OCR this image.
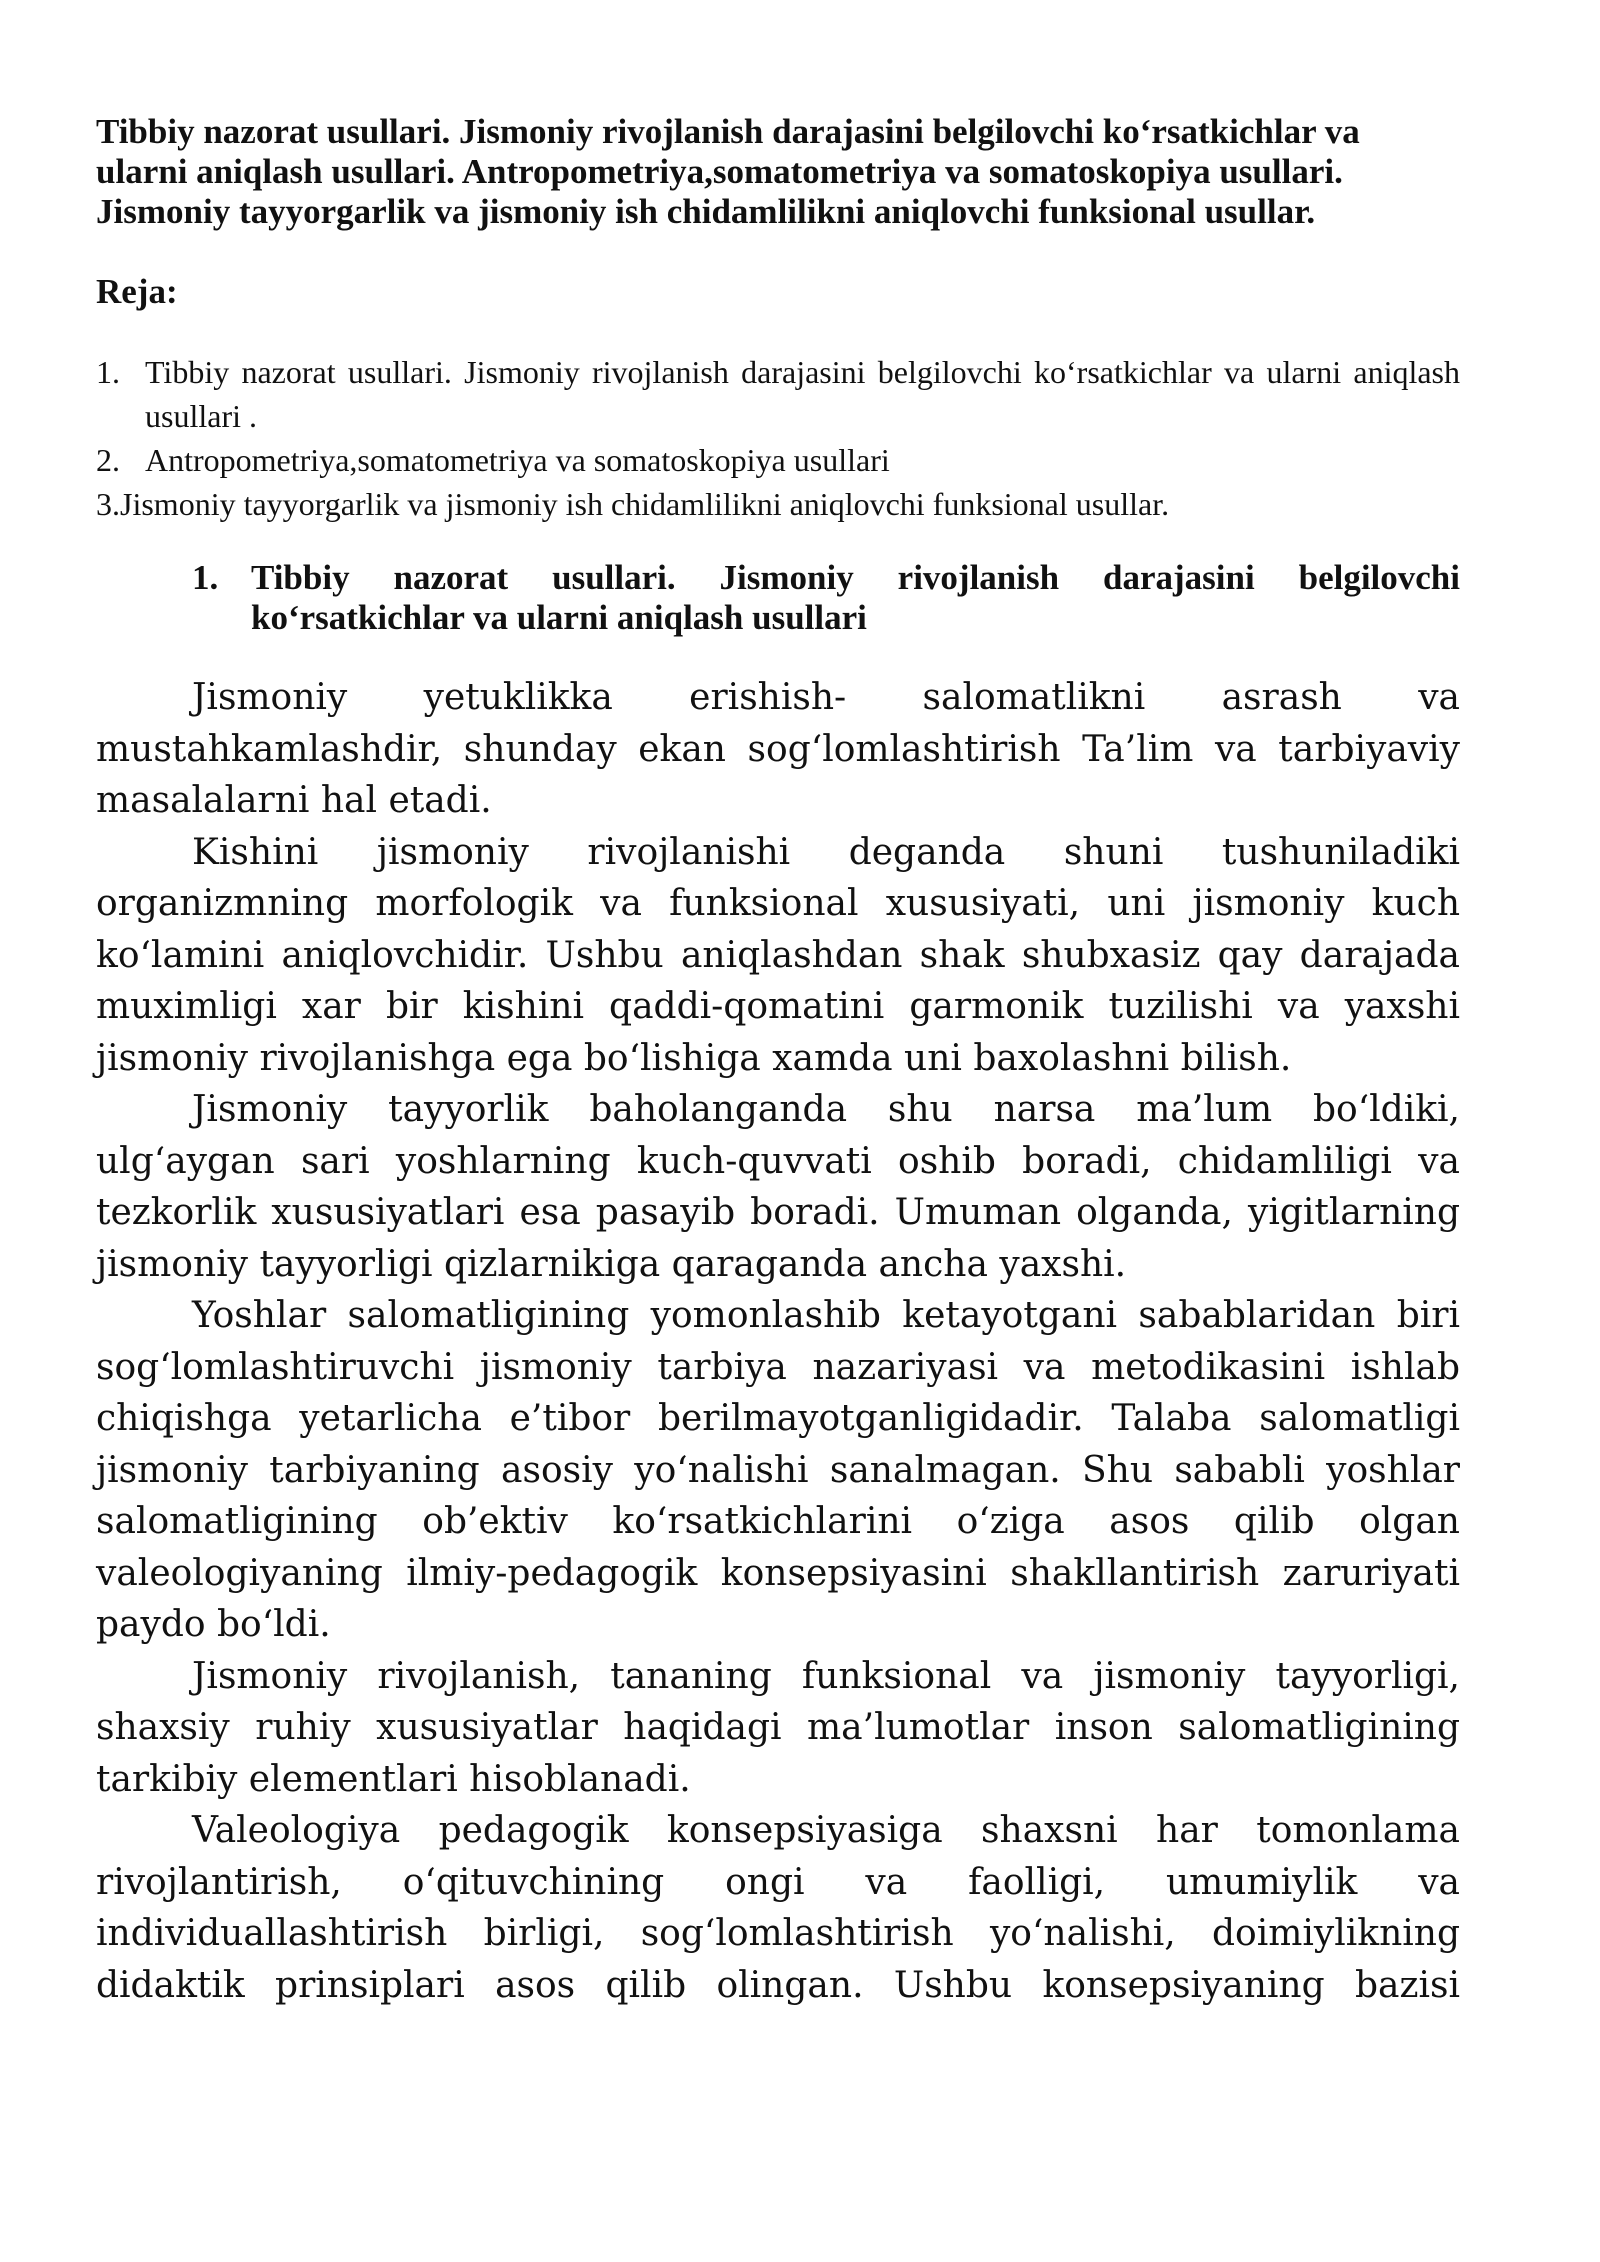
Tibbiy nazorat usullari. Jismoniy rivojlanish darajasini belgilovchi koʻrsatkichlar va
ularni aniqlash usullari. Antropometriya,somatometriya va somatoskopiya usullari.
Jismoniy tayyorgarlik va jismoniy ish chidamlilikni aniqlovchi funksional usullar.
Reja:
1. Tibbiy nazorat usullari. Jismoniy rivojlanish darajasini belgilovchi koʻrsatkichlar va ularni aniqlash usullari .
2. Antropometriya,somatometriya va somatoskopiya usullari
3.Jismoniy tayyorgarlik va jismoniy ish chidamlilikni aniqlovchi funksional usullar.
1. Tibbiy nazorat usullari. Jismoniy rivojlanish darajasini belgilovchi koʻrsatkichlar va ularni aniqlash usullari

Jismoniy yetuklikka erishish- salomatlikni asrash va mustahkamlashdir, shunday ekan sogʻlomlashtirish Ta’lim va tarbiyaviy masalalarni hal etadi.

Kishini jismoniy rivojlanishi deganda shuni tushuniladiki organizmning morfologik va funksional xususiyati, uni jismoniy kuch koʻlamini aniqlovchidir. Ushbu aniqlashdan shak shubxasiz qay darajada muximligi xar bir kishini qaddi-qomatini garmonik tuzilishi va yaxshi jismoniy rivojlanishga ega boʻlishiga xamda uni baxolashni bilish.

Jismoniy tayyorlik baholanganda shu narsa ma’lum boʻldiki, ulgʻaygan sari yoshlarning kuch-quvvati oshib boradi, chidamliligi va tezkorlik xususiyatlari esa pasayib boradi. Umuman olganda, yigitlarning jismoniy tayyorligi qizlarnikiga qaraganda ancha yaxshi.

Yoshlar salomatligining yomonlashib ketayotgani sabablaridan biri sogʻlomlashtiruvchi jismoniy tarbiya nazariyasi va metodikasini ishlab chiqishga yetarlicha e’tibor berilmayotganligidadir. Talaba salomatligi jismoniy tarbiyaning asosiy yoʻnalishi sanalmagan. Shu sababli yoshlar salomatligining ob’ektiv koʻrsatkichlarini oʻziga asos qilib olgan valeologiyaning ilmiy-pedagogik konsepsiyasini shakllantirish zaruriyati paydo boʻldi.

Jismoniy rivojlanish, tananing funksional va jismoniy tayyorligi, shaxsiy ruhiy xususiyatlar haqidagi ma’lumotlar inson salomatligining tarkibiy elementlari hisoblanadi.

Valeologiya pedagogik konsepsiyasiga shaxsni har tomonlama rivojlantirish, oʻqituvchining ongi va faolligi, umumiylik va individuallashtirish birligi, sogʻlomlashtirish yoʻnalishi, doimiylikning didaktik prinsiplari asos qilib olingan. Ushbu konsepsiyaning bazisi
